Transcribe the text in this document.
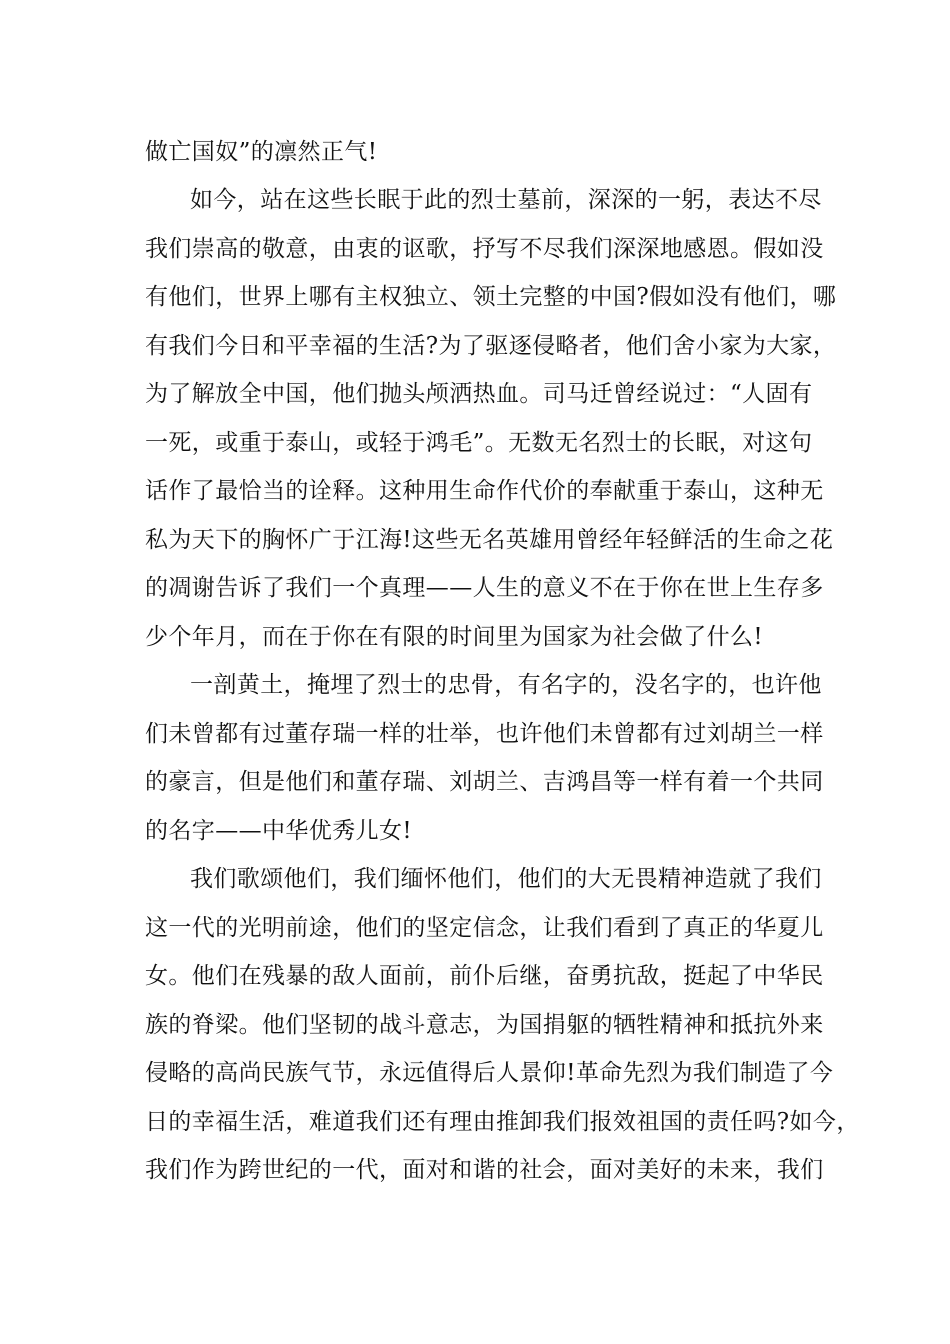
做亡国奴”的凛然正气!
如今，站在这些长眠于此的烈士墓前，深深的一躬，表达不尽
我们崇高的敬意，由衷的讴歌，抒写不尽我们深深地感恩。假如没
有他们，世界上哪有主权独立、领土完整的中国?假如没有他们，哪
有我们今日和平幸福的生活?为了驱逐侵略者，他们舍小家为大家，
为了解放全中国，他们抛头颅洒热血。司马迁曾经说过：“人固有
一死，或重于泰山，或轻于鸿毛”。无数无名烈士的长眠，对这句
话作了最恰当的诠释。这种用生命作代价的奉献重于泰山，这种无
私为天下的胸怀广于江海!这些无名英雄用曾经年轻鲜活的生命之花
的凋谢告诉了我们一个真理——人生的意义不在于你在世上生存多
少个年月，而在于你在有限的时间里为国家为社会做了什么!
一剖黄土，掩埋了烈士的忠骨，有名字的，没名字的，也许他
们未曾都有过董存瑞一样的壮举，也许他们未曾都有过刘胡兰一样
的豪言，但是他们和董存瑞、刘胡兰、吉鸿昌等一样有着一个共同
的名字——中华优秀儿女!
我们歌颂他们，我们缅怀他们，他们的大无畏精神造就了我们
这一代的光明前途，他们的坚定信念，让我们看到了真正的华夏儿
女。他们在残暴的敌人面前，前仆后继，奋勇抗敌，挺起了中华民
族的脊梁。他们坚韧的战斗意志，为国捐躯的牺牲精神和抵抗外来
侵略的高尚民族气节，永远值得后人景仰!革命先烈为我们制造了今
日的幸福生活，难道我们还有理由推卸我们报效祖国的责任吗?如今，
我们作为跨世纪的一代，面对和谐的社会，面对美好的未来，我们
